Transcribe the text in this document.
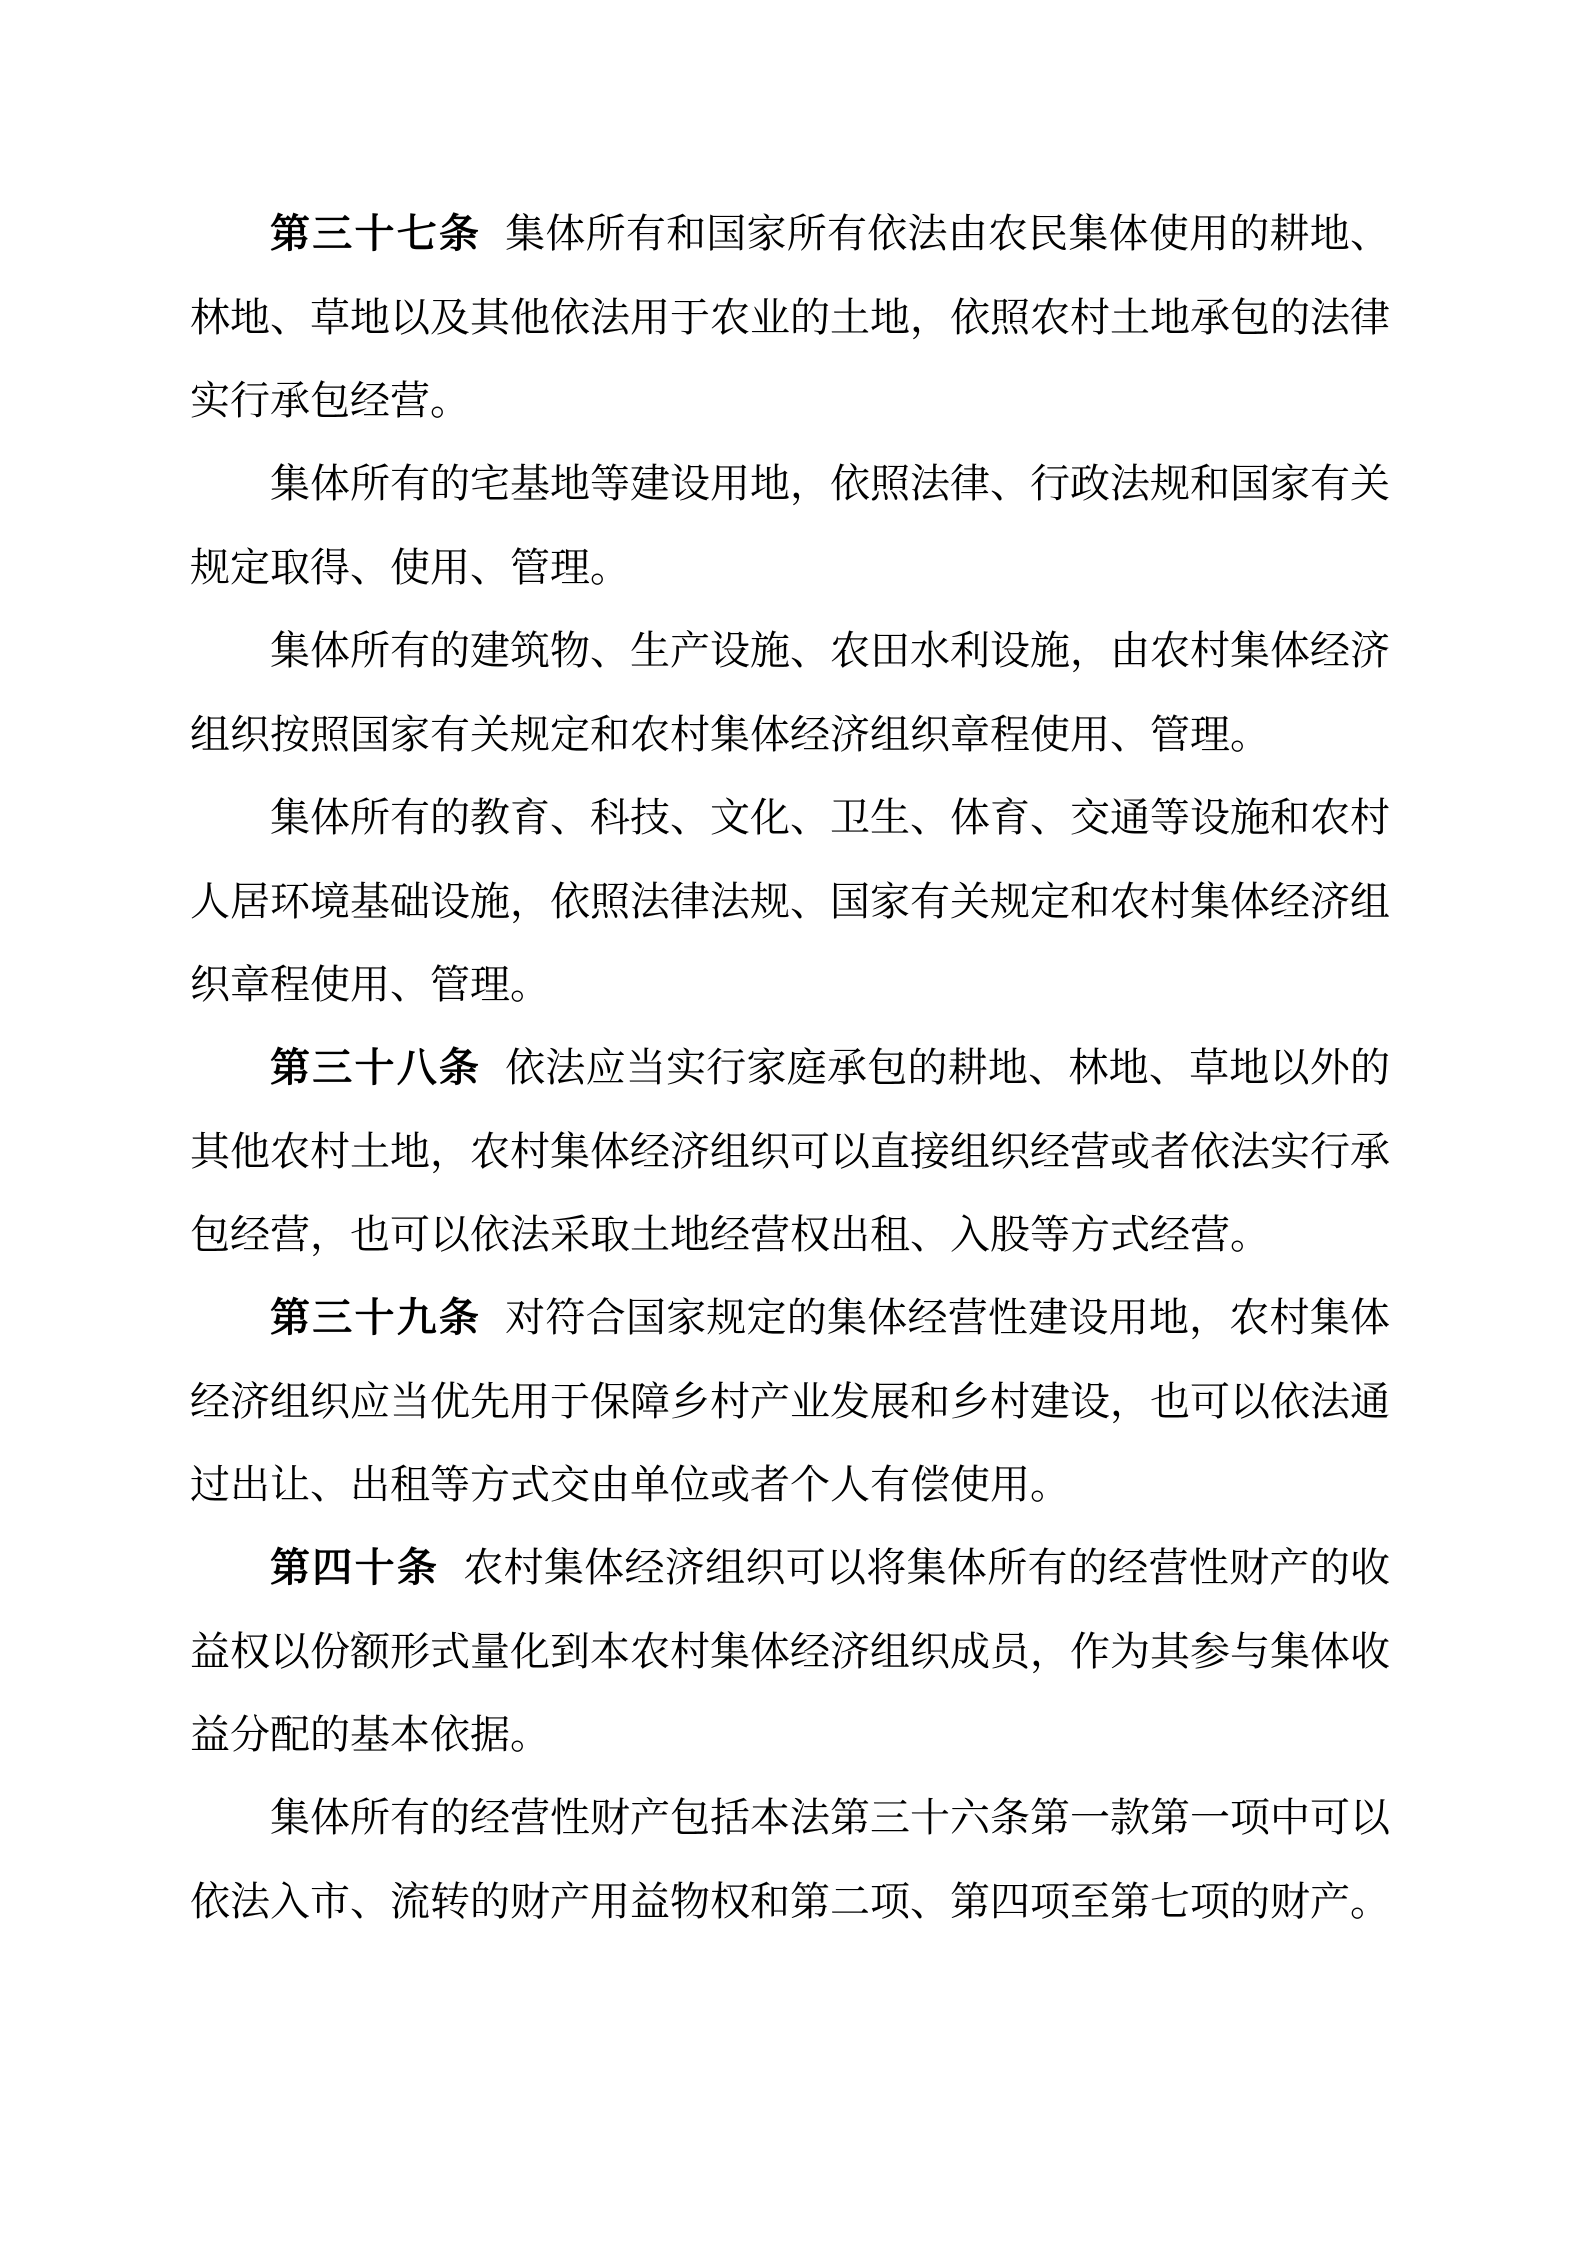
第三十七条 集体所有和国家所有依法由农民集体使用的耕地、林地、草地以及其他依法用于农业的土地，依照农村土地承包的法律实行承包经营。

集体所有的宅基地等建设用地，依照法律、行政法规和国家有关规定取得、使用、管理。

集体所有的建筑物、生产设施、农田水利设施，由农村集体经济组织按照国家有关规定和农村集体经济组织章程使用、管理。

集体所有的教育、科技、文化、卫生、体育、交通等设施和农村人居环境基础设施，依照法律法规、国家有关规定和农村集体经济组织章程使用、管理。

第三十八条 依法应当实行家庭承包的耕地、林地、草地以外的其他农村土地，农村集体经济组织可以直接组织经营或者依法实行承包经营，也可以依法采取土地经营权出租、入股等方式经营。

第三十九条 对符合国家规定的集体经营性建设用地，农村集体经济组织应当优先用于保障乡村产业发展和乡村建设，也可以依法通过出让、出租等方式交由单位或者个人有偿使用。

第四十条 农村集体经济组织可以将集体所有的经营性财产的收益权以份额形式量化到本农村集体经济组织成员，作为其参与集体收益分配的基本依据。

集体所有的经营性财产包括本法第三十六条第一款第一项中可以依法入市、流转的财产用益物权和第二项、第四项至第七项的财产。
